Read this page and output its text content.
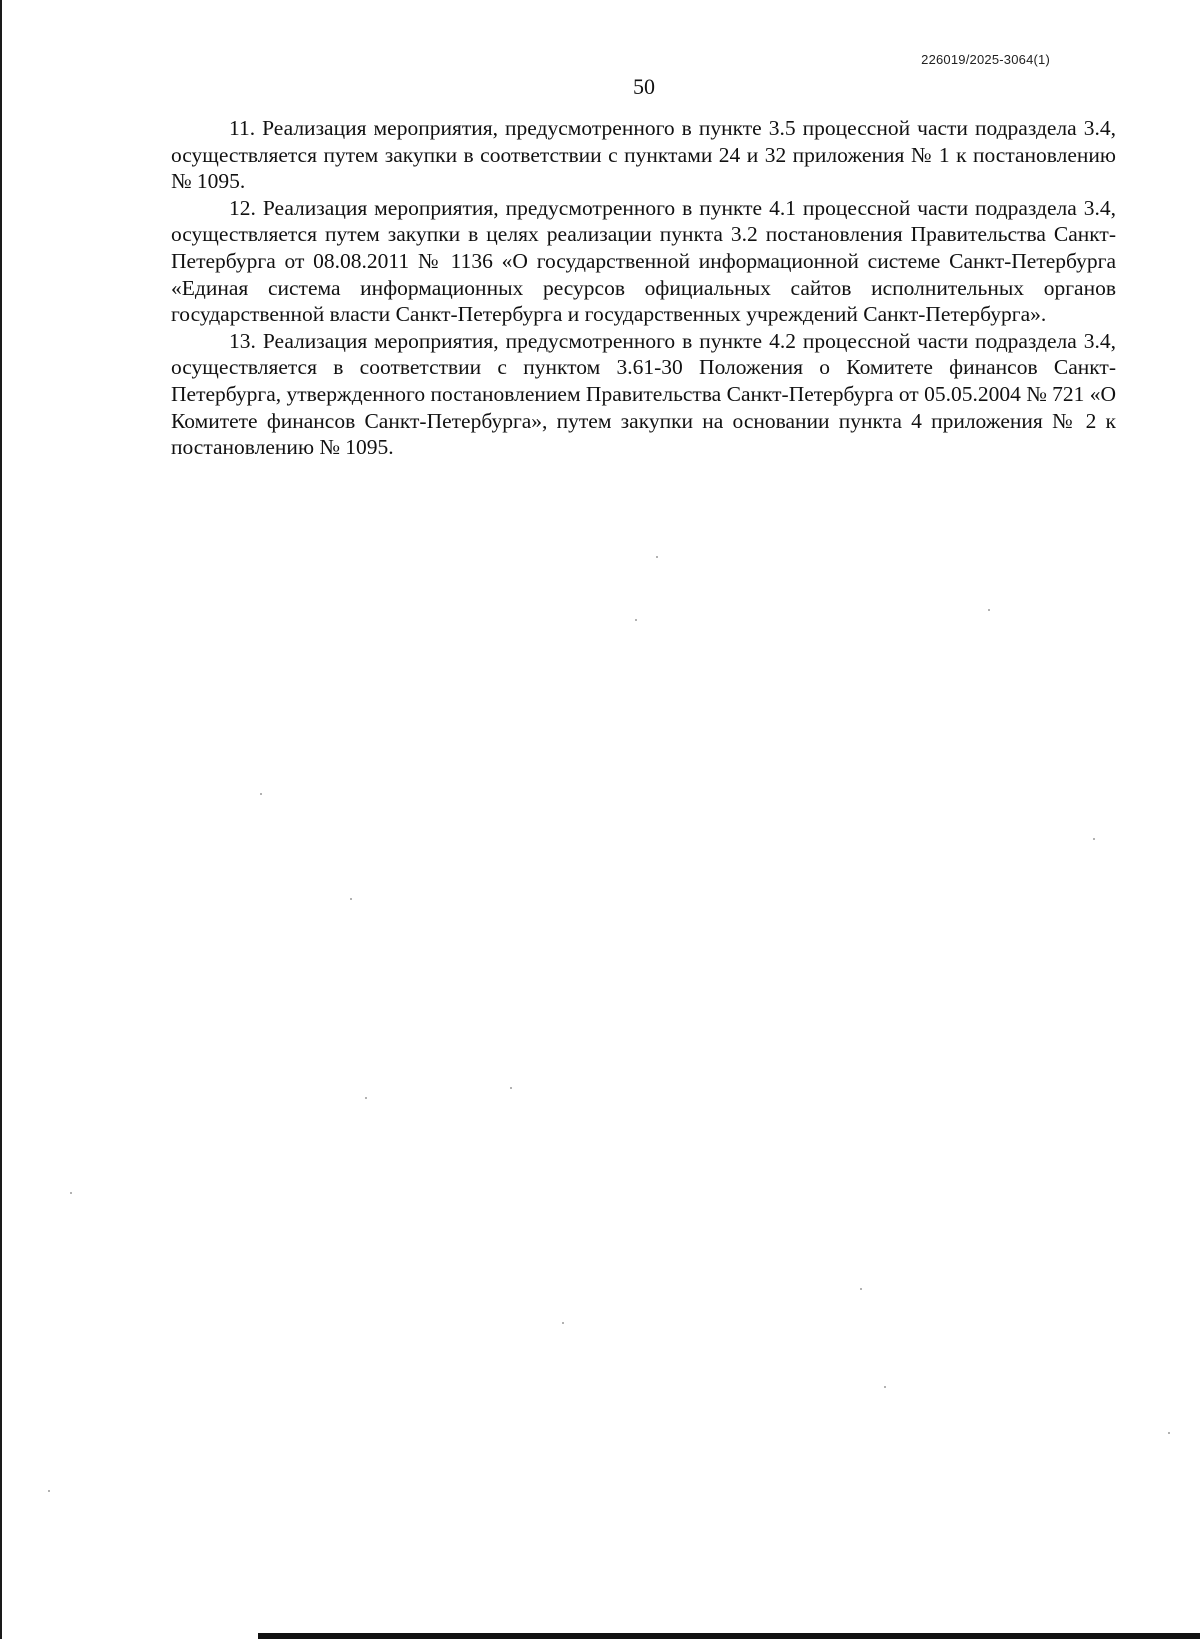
226019/2025-3064(1)
50

11. Реализация мероприятия, предусмотренного в пункте 3.5 процессной части подраздела 3.4, осуществляется путем закупки в соответствии с пунктами 24 и 32 приложения № 1 к постановлению № 1095.

12. Реализация мероприятия, предусмотренного в пункте 4.1 процессной части подраздела 3.4, осуществляется путем закупки в целях реализации пункта 3.2 постановления Правительства Санкт-Петербурга от 08.08.2011 № 1136 «О государственной информационной системе Санкт-Петербурга «Единая система информационных ресурсов официальных сайтов исполнительных органов государственной власти Санкт-Петербурга и государственных учреждений Санкт-Петербурга».

13. Реализация мероприятия, предусмотренного в пункте 4.2 процессной части подраздела 3.4, осуществляется в соответствии с пунктом 3.61-30 Положения о Комитете финансов Санкт-Петербурга, утвержденного постановлением Правительства Санкт-Петербурга от 05.05.2004 № 721 «О Комитете финансов Санкт-Петербурга», путем закупки на основании пункта 4 приложения № 2 к постановлению № 1095.
